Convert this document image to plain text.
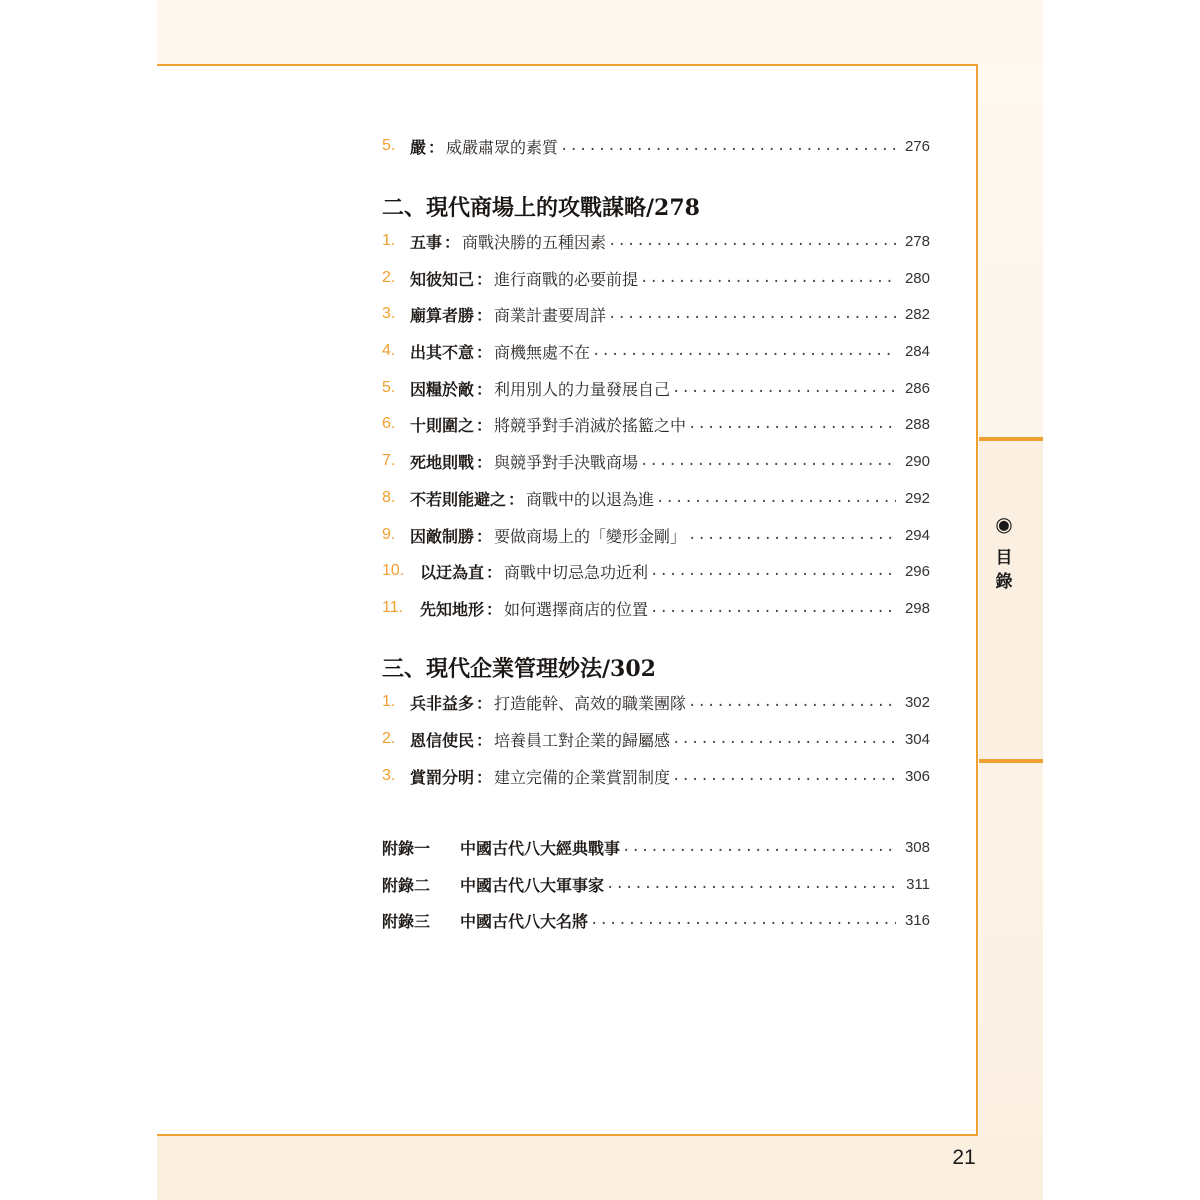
◉
目
錄
21
5. 嚴 ： 威嚴肅眾的素質 .....	276
二、現代商場上的攻戰謀略/278
1. 五事 ： 商戰決勝的五種因素 .....	278
2. 知彼知己 ： 進行商戰的必要前提 .....	280
3. 廟算者勝 ： 商業計畫要周詳 .....	282
4. 出其不意 ： 商機無處不在 .....	284
5. 因糧於敵 ： 利用別人的力量發展自己 .....	286
6. 十則圍之 ： 將競爭對手消滅於搖籃之中 .....	288
7. 死地則戰 ： 與競爭對手決戰商場 .....	290
8. 不若則能避之 ： 商戰中的以退為進 .....	292
9. 因敵制勝 ： 要做商場上的「變形金剛」 .....	294
10. 以迂為直 ： 商戰中切忌急功近利 .....	296
11.	先知地形 ： 如何選擇商店的位置 .....	298
三、現代企業管理妙法/302
1. 兵非益多 ： 打造能幹、高效的職業團隊 .....	302
2. 恩信使民 ： 培養員工對企業的歸屬感 .....	304
3. 賞罰分明 ： 建立完備的企業賞罰制度 .....	306
附錄一	中國古代八大經典戰事 .....	308
附錄二	中國古代八大軍事家 .....	311
附錄三	中國古代八大名將 .....	316
